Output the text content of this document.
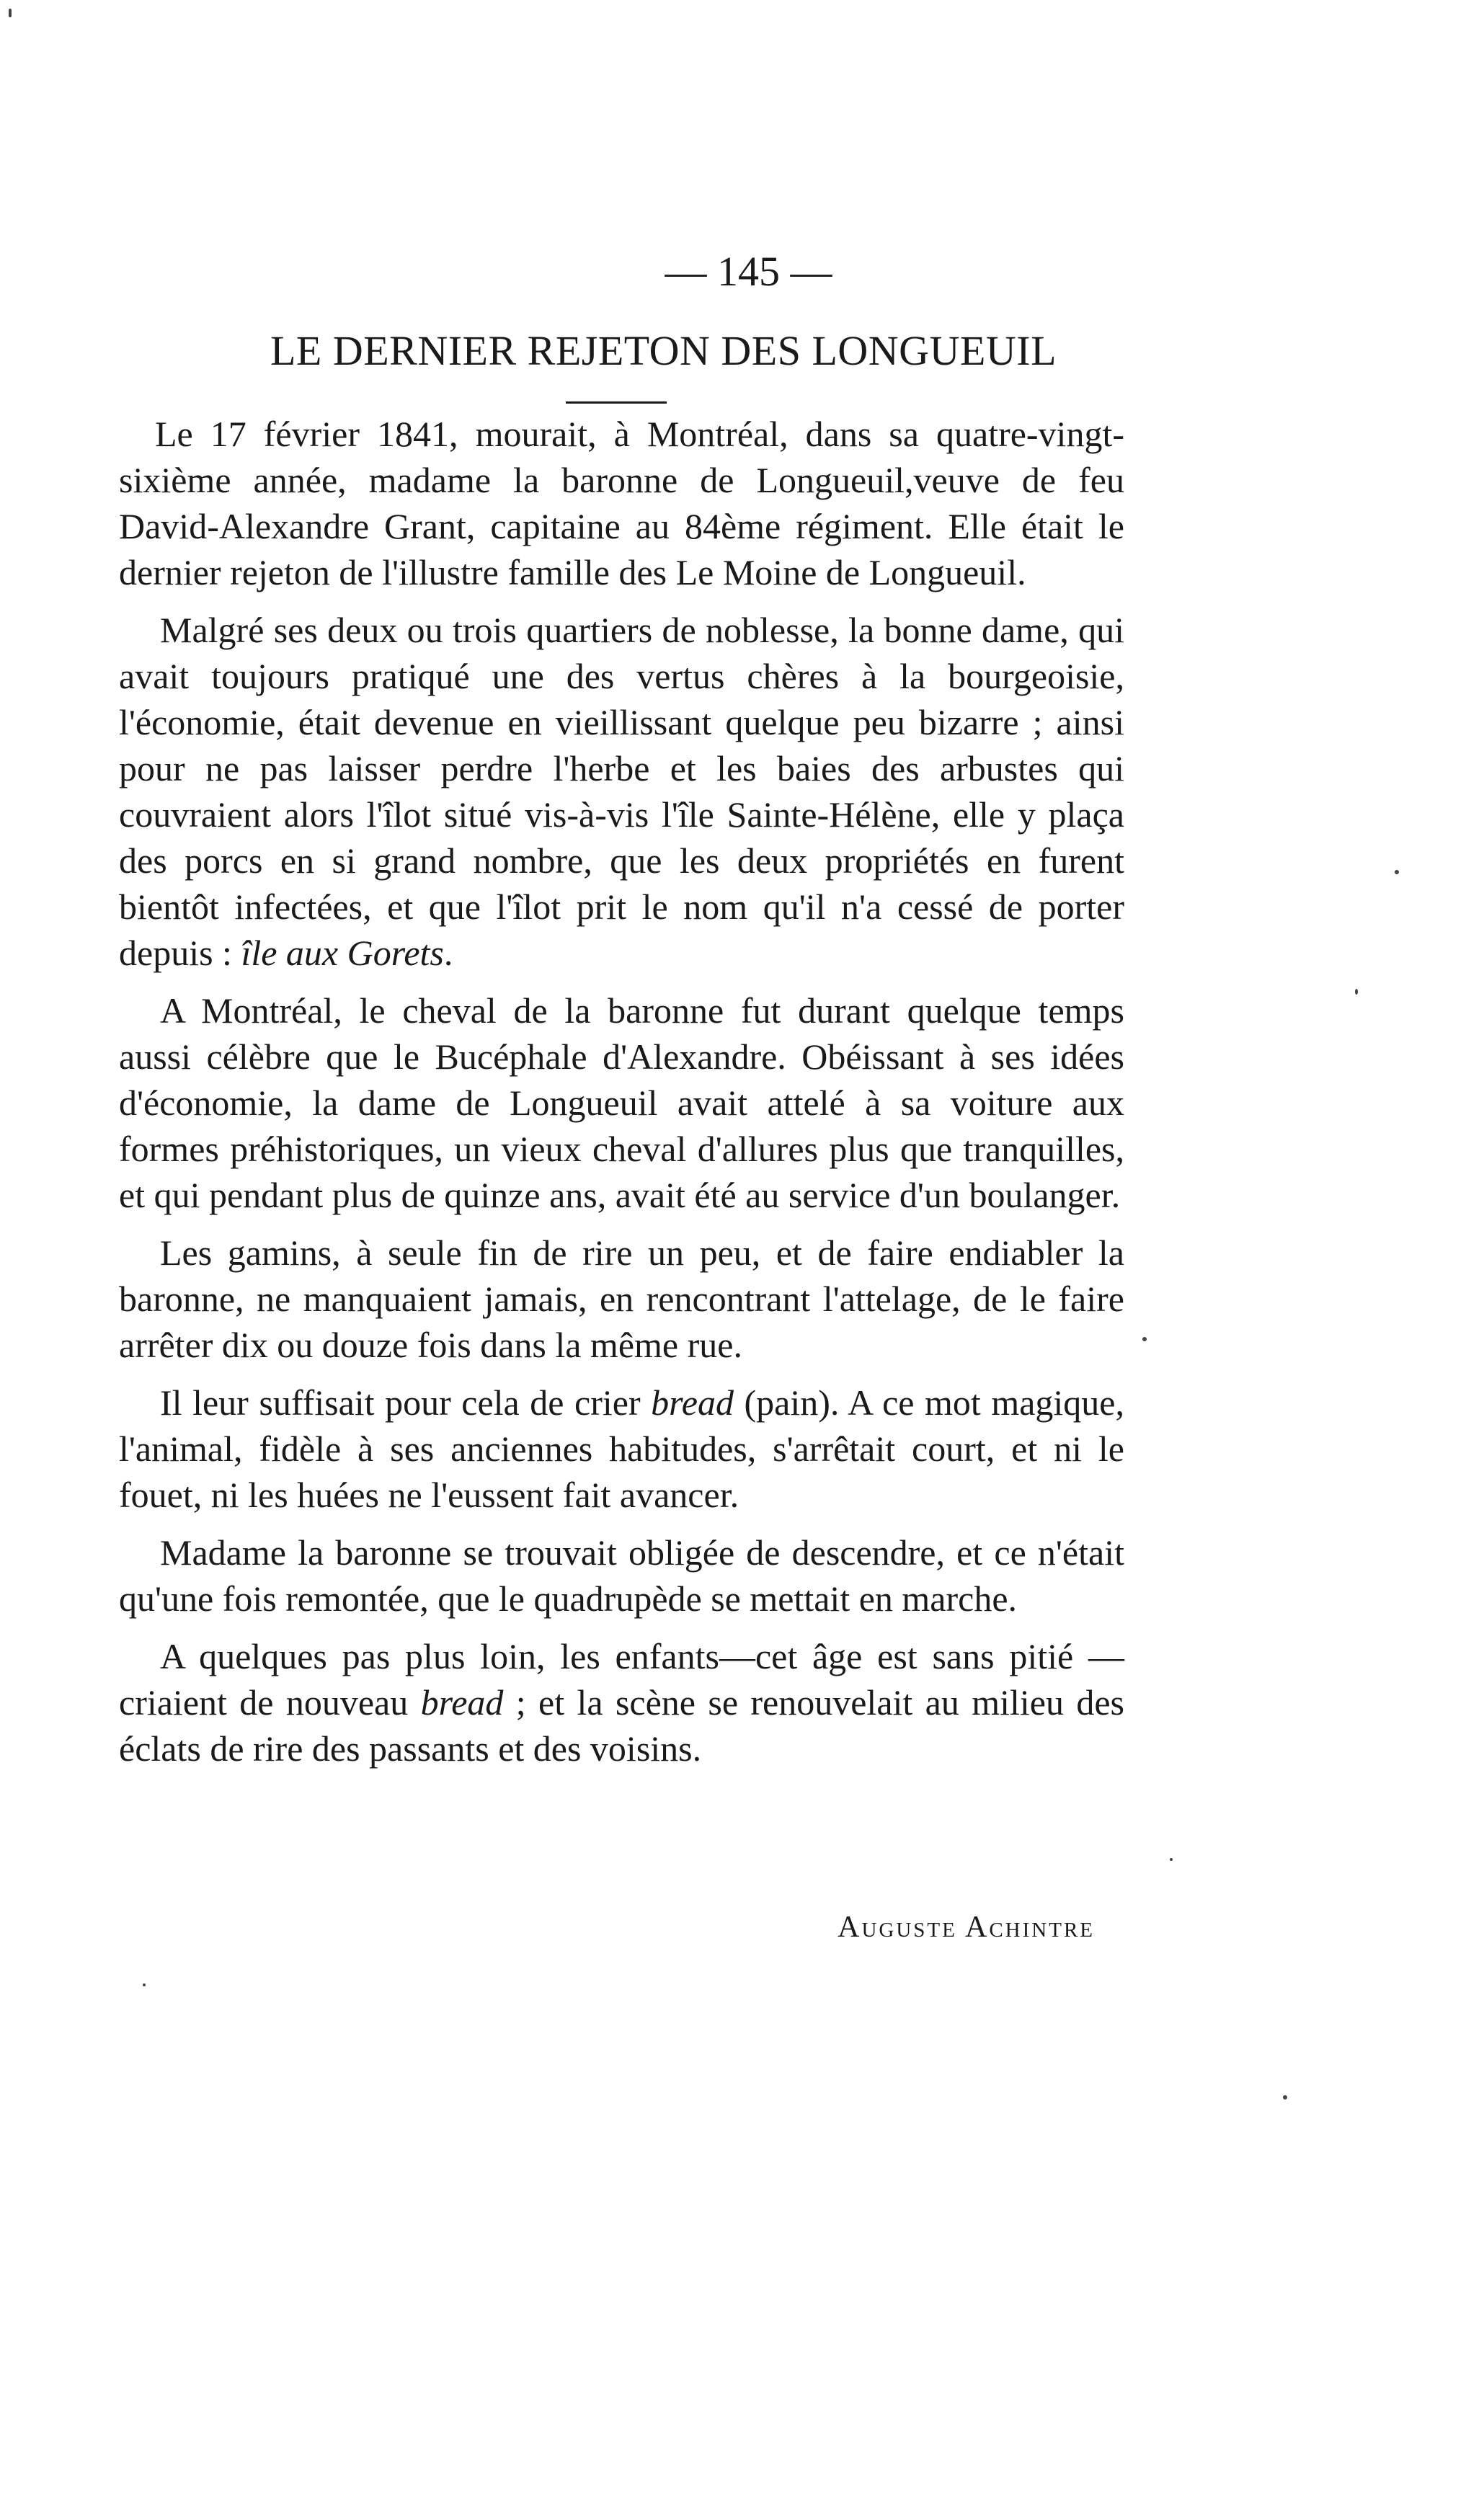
— 145 —
LE DERNIER REJETON DES LONGUEUIL

Le 17 février 1841, mourait, à Montréal, dans sa quatre-vingt-sixième année, madame la baronne de Longueuil,veuve de feu David-Alexandre Grant, capitaine au 84ème régiment. Elle était le dernier rejeton de l'illustre famille des Le Moine de Longueuil.

Malgré ses deux ou trois quartiers de noblesse, la bonne dame, qui avait toujours pratiqué une des vertus chères à la bourgeoisie, l'économie, était devenue en vieillissant quelque peu bizarre ; ainsi pour ne pas laisser perdre l'herbe et les baies des arbustes qui couvraient alors l'îlot situé vis-à-vis l'île Sainte-Hélène, elle y plaça des porcs en si grand nombre, que les deux propriétés en furent bientôt infectées, et que l'îlot prit le nom qu'il n'a cessé de porter depuis : île aux Gorets.

A Montréal, le cheval de la baronne fut durant quelque temps aussi célèbre que le Bucéphale d'Alexandre. Obéissant à ses idées d'économie, la dame de Longueuil avait attelé à sa voiture aux formes préhistoriques, un vieux cheval d'allures plus que tranquilles, et qui pendant plus de quinze ans, avait été au service d'un boulanger.

Les gamins, à seule fin de rire un peu, et de faire endiabler la baronne, ne manquaient jamais, en rencontrant l'attelage, de le faire arrêter dix ou douze fois dans la même rue.

Il leur suffisait pour cela de crier bread (pain). A ce mot magique, l'animal, fidèle à ses anciennes habitudes, s'arrêtait court, et ni le fouet, ni les huées ne l'eussent fait avancer.

Madame la baronne se trouvait obligée de descendre, et ce n'était qu'une fois remontée, que le quadrupède se mettait en marche.

A quelques pas plus loin, les enfants—cet âge est sans pitié —criaient de nouveau bread ; et la scène se renouvelait au milieu des éclats de rire des passants et des voisins.

Auguste Achintre
